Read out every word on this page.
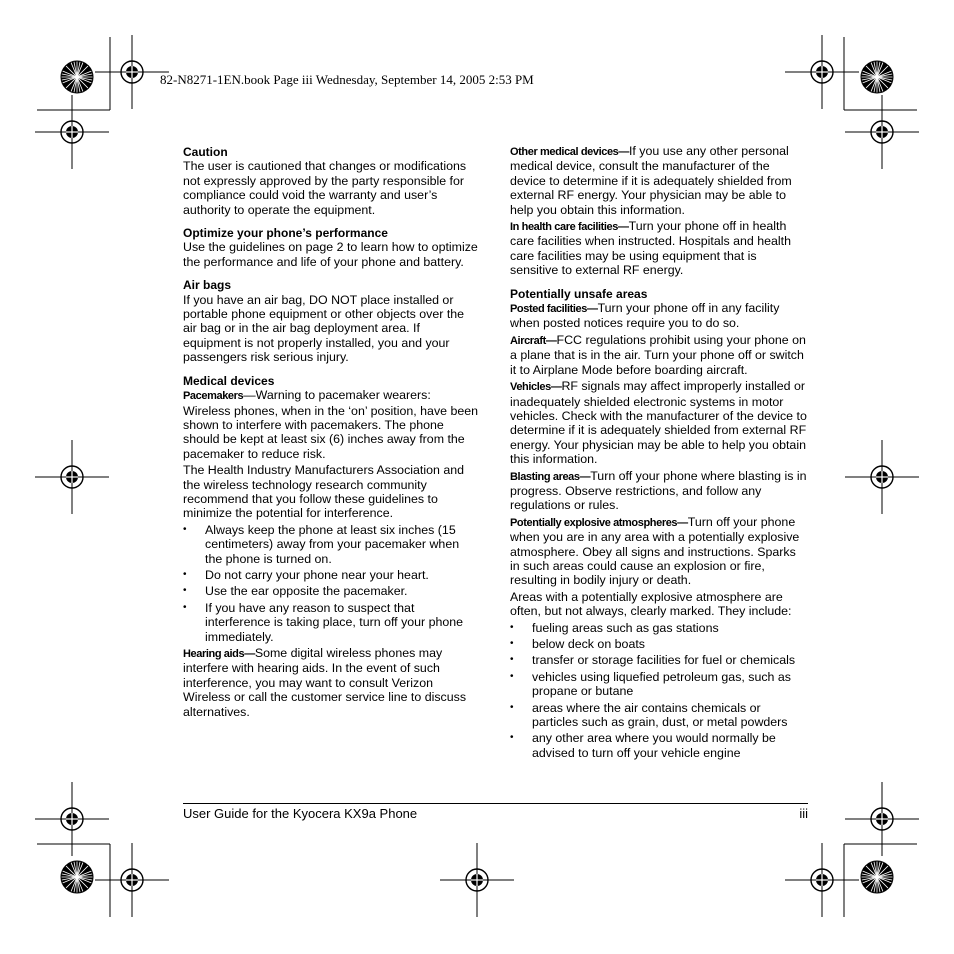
82-N8271-1EN.book Page iii Wednesday, September 14, 2005 2:53 PM
Caution

The user is cautioned that changes or modifications not expressly approved by the party responsible for compliance could void the warranty and user’s authority to operate the equipment.

Optimize your phone’s performance

Use the guidelines on page 2 to learn how to optimize the performance and life of your phone and battery.

Air bags

If you have an air bag, DO NOT place installed or portable phone equipment or other objects over the air bag or in the air bag deployment area. If equipment is not properly installed, you and your passengers risk serious injury.

Medical devices

Pacemakers—Warning to pacemaker wearers: Wireless phones, when in the ‘on’ position, have been shown to interfere with pacemakers. The phone should be kept at least six (6) inches away from the pacemaker to reduce risk.

The Health Industry Manufacturers Association and the wireless technology research community recommend that you follow these guidelines to minimize the potential for interference.

• Always keep the phone at least six inches (15 centimeters) away from your pacemaker when the phone is turned on.
• Do not carry your phone near your heart.
• Use the ear opposite the pacemaker.
• If you have any reason to suspect that interference is taking place, turn off your phone immediately.

Hearing aids—Some digital wireless phones may interfere with hearing aids. In the event of such interference, you may want to consult Verizon Wireless or call the customer service line to discuss alternatives.

Other medical devices—If you use any other personal medical device, consult the manufacturer of the device to determine if it is adequately shielded from external RF energy. Your physician may be able to help you obtain this information.

In health care facilities—Turn your phone off in health care facilities when instructed. Hospitals and health care facilities may be using equipment that is sensitive to external RF energy.

Potentially unsafe areas

Posted facilities—Turn your phone off in any facility when posted notices require you to do so.

Aircraft—FCC regulations prohibit using your phone on a plane that is in the air. Turn your phone off or switch it to Airplane Mode before boarding aircraft.

Vehicles—RF signals may affect improperly installed or inadequately shielded electronic systems in motor vehicles. Check with the manufacturer of the device to determine if it is adequately shielded from external RF energy. Your physician may be able to help you obtain this information.

Blasting areas—Turn off your phone where blasting is in progress. Observe restrictions, and follow any regulations or rules.

Potentially explosive atmospheres—Turn off your phone when you are in any area with a potentially explosive atmosphere. Obey all signs and instructions. Sparks in such areas could cause an explosion or fire, resulting in bodily injury or death.

Areas with a potentially explosive atmosphere are often, but not always, clearly marked. They include:

• fueling areas such as gas stations
• below deck on boats
• transfer or storage facilities for fuel or chemicals
• vehicles using liquefied petroleum gas, such as propane or butane
• areas where the air contains chemicals or particles such as grain, dust, or metal powders
• any other area where you would normally be advised to turn off your vehicle engine
User Guide for the Kyocera KX9a Phone	iii
